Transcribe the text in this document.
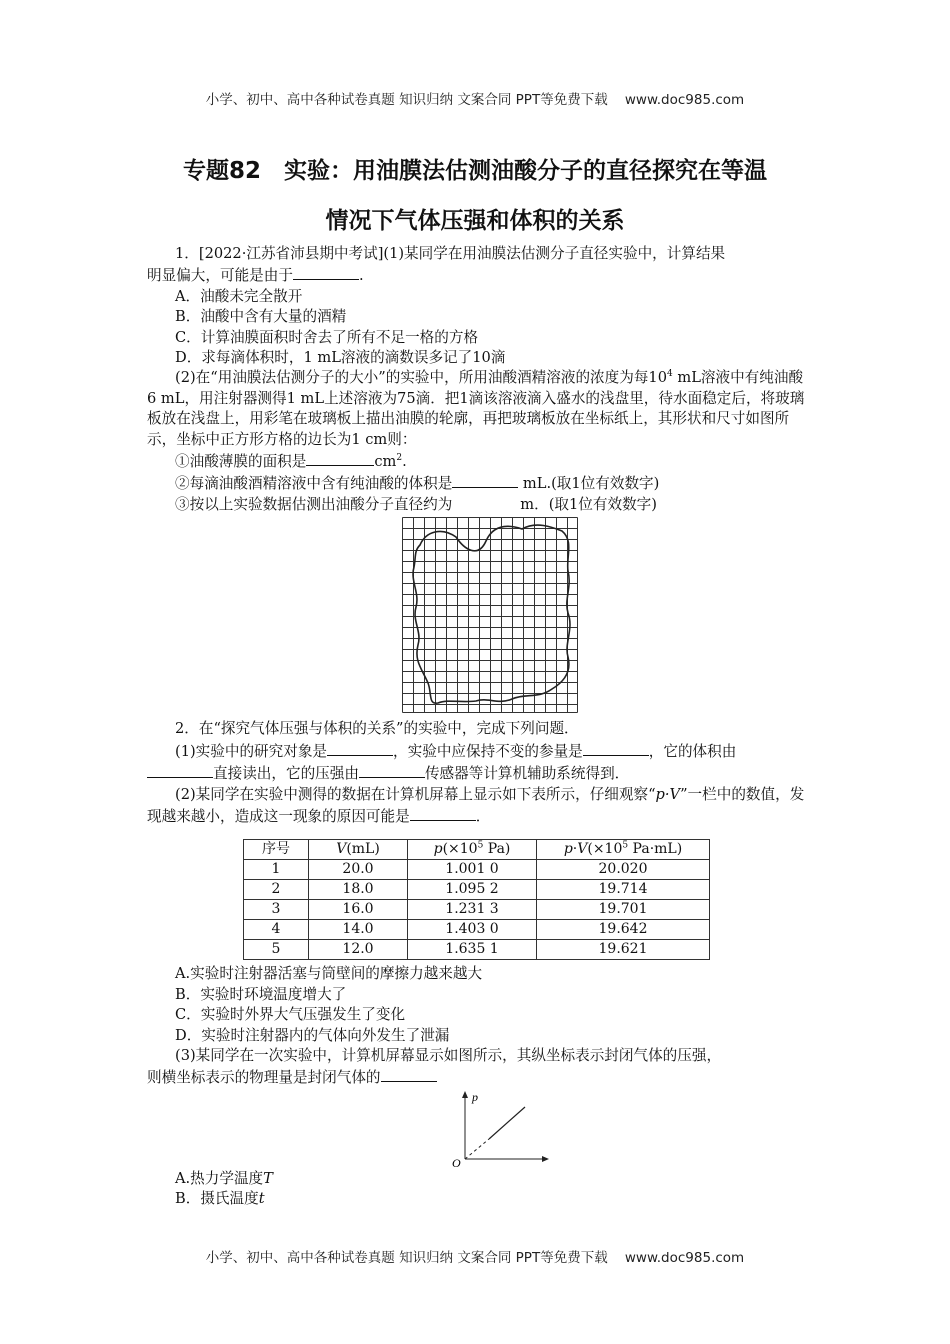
小学、初中、高中各种试卷真题 知识归纳 文案合同 PPT等免费下载 www.doc985.com
专题82　实验：用油膜法估测油酸分子的直径探究在等温
情况下气体压强和体积的关系

1．[2022·江苏省沛县期中考试](1)某同学在用油膜法估测分子直径实验中，计算结果

明显偏大，可能是由于	.

A．油酸未完全散开

B．油酸中含有大量的酒精

C．计算油膜面积时舍去了所有不足一格的方格

D．求每滴体积时，1 mL溶液的滴数误多记了10滴

(2)在“用油膜法估测分子的大小”的实验中，所用油酸酒精溶液的浓度为每$10^4$ mL溶液中有纯油酸6 mL，用注射器测得1 mL上述溶液为75滴．把1滴该溶液滴入盛水的浅盘里，待水面稳定后，将玻璃板放在浅盘上，用彩笔在玻璃板上描出油膜的轮廓，再把玻璃板放在坐标纸上，其形状和尺寸如图所示，坐标中正方形方格的边长为1 cm则：

①油酸薄膜的面积是	$cm^2$.

②每滴油酸酒精溶液中含有纯油酸的体积是	mL.(取1位有效数字)

③按以上实验数据估测出油酸分子直径约为	m．(取1位有效数字)

2．在“探究气体压强与体积的关系”的实验中，完成下列问题．

(1)实验中的研究对象是	，实验中应保持不变的参量是	，它的体积由

直接读出，它的压强由	传感器等计算机辅助系统得到．

(2)某同学在实验中测得的数据在计算机屏幕上显示如下表所示，仔细观察“p·V”一栏中的数值，发现越来越小，造成这一现象的原因可能是	．

序号	V(mL)	$p(\times 10^5$ Pa)	$p\cdot V(\times 10^5$ Pa·mL)
1	20.0	1.001 0	20.020
2	18.0	1.095 2	19.714
3	16.0	1.231 3	19.701
4	14.0	1.403 0	19.642
5	12.0	1.635 1	19.621

A.实验时注射器活塞与筒壁间的摩擦力越来越大

B．实验时环境温度增大了

C．实验时外界大气压强发生了变化

D．实验时注射器内的气体向外发生了泄漏

(3)某同学在一次实验中，计算机屏幕显示如图所示，其纵坐标表示封闭气体的压强，

则横坐标表示的物理量是封闭气体的

p
O

A.热力学温度T

B．摄氏温度t

小学、初中、高中各种试卷真题 知识归纳 文案合同 PPT等免费下载 www.doc985.com
